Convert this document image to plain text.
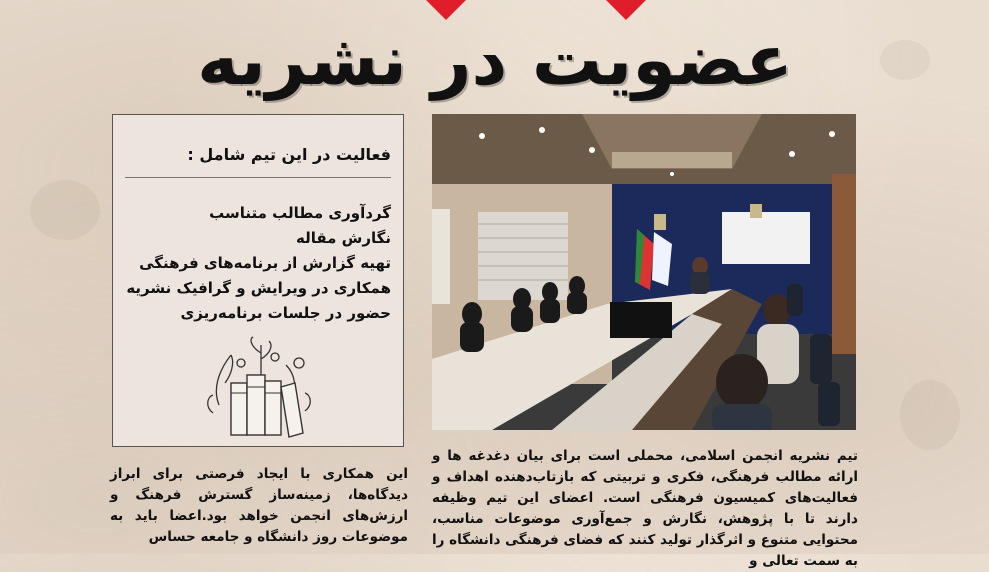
عضویت در نشریه
فعالیت در این تیم شامل :
گردآوری مطالب متناسب
نگارش مقاله
تهیه گزارش از برنامه‌های فرهنگی
همکاری در ویرایش و گرافیک نشریه
حضور در جلسات برنامه‌ریزی

تیم نشریه انجمن اسلامی، محملی است برای بیان دغدغه ها و ارائه مطالب فرهنگی، فکری و تربیتی که بازتاب‌دهنده اهداف و فعالیت‌های کمیسیون فرهنگی است. اعضای این تیم وظیفه دارند تا با پژوهش، نگارش و جمع‌آوری موضوعات مناسب، محتوایی متنوع و اثرگذار تولید کنند که فضای فرهنگی دانشگاه را به سمت تعالی و

این همکاری با ایجاد فرصتی برای ابراز دیدگاه‌ها، زمینه‌ساز گسترش فرهنگ و ارزش‌های انجمن خواهد بود.اعضا باید به موضوعات روز دانشگاه و جامعه حساس
